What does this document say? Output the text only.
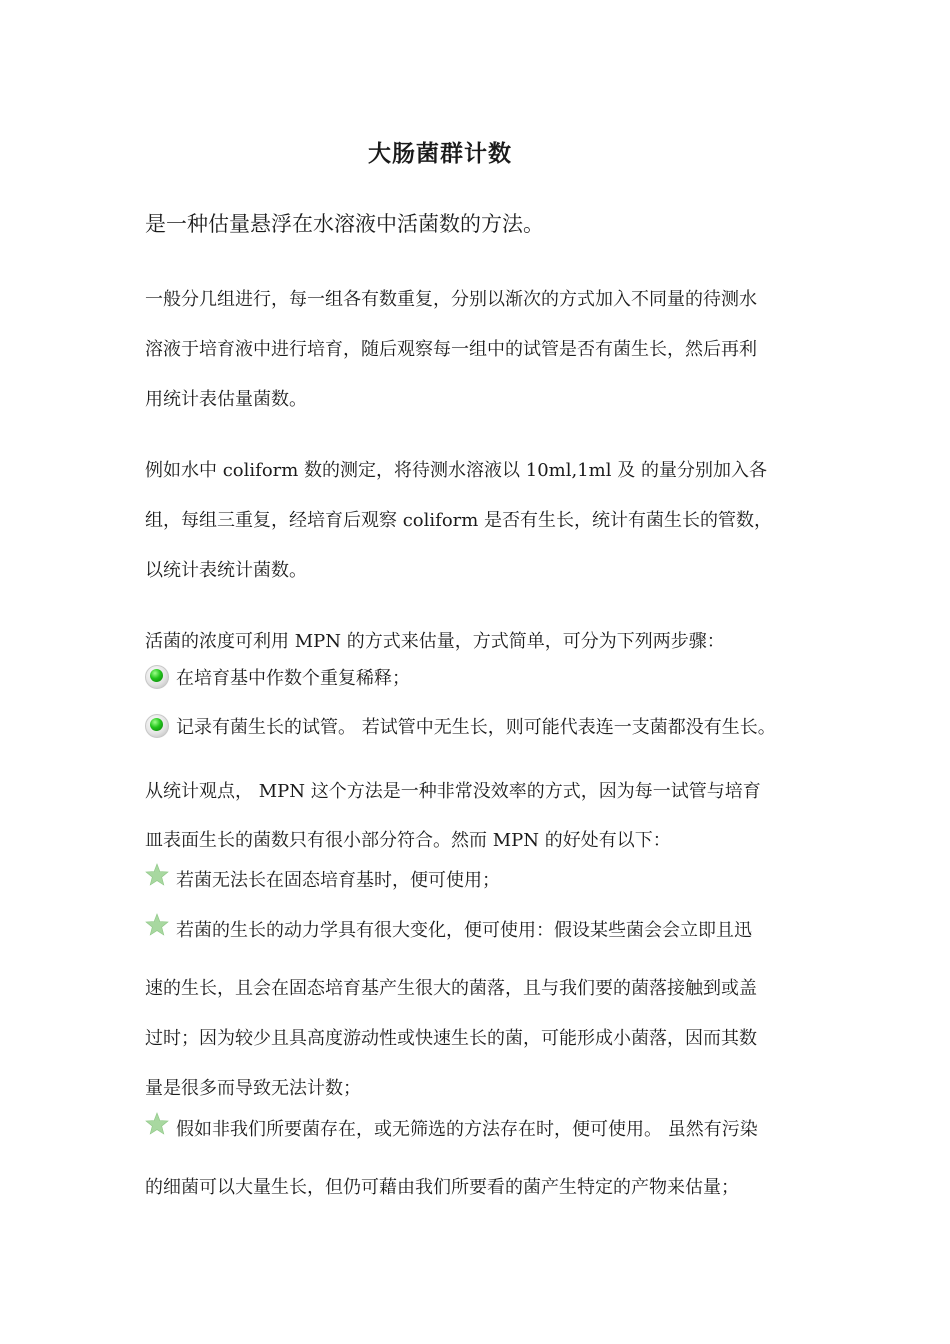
大肠菌群计数
是一种估量悬浮在水溶液中活菌数的方法。
一般分几组进行，每一组各有数重复，分别以渐次的方式加入不同量的待测水
溶液于培育液中进行培育，随后观察每一组中的试管是否有菌生长，然后再利
用统计表估量菌数。
例如水中 coliform 数的测定，将待测水溶液以 10ml,1ml 及 的量分别加入各
组，每组三重复，经培育后观察 coliform 是否有生长，统计有菌生长的管数，
以统计表统计菌数。
活菌的浓度可利用 MPN 的方式来估量，方式简单，可分为下列两步骤：
在培育基中作数个重复稀释；
记录有菌生长的试管。 若试管中无生长，则可能代表连一支菌都没有生长。
从统计观点， MPN 这个方法是一种非常没效率的方式，因为每一试管与培育
皿表面生长的菌数只有很小部分符合。然而 MPN 的好处有以下：
若菌无法长在固态培育基时，便可使用；
若菌的生长的动力学具有很大变化，便可使用：假设某些菌会会立即且迅
速的生长，且会在固态培育基产生很大的菌落，且与我们要的菌落接触到或盖
过时；因为较少且具高度游动性或快速生长的菌，可能形成小菌落，因而其数
量是很多而导致无法计数；
假如非我们所要菌存在，或无筛选的方法存在时，便可使用。 虽然有污染
的细菌可以大量生长，但仍可藉由我们所要看的菌产生特定的产物来估量；
